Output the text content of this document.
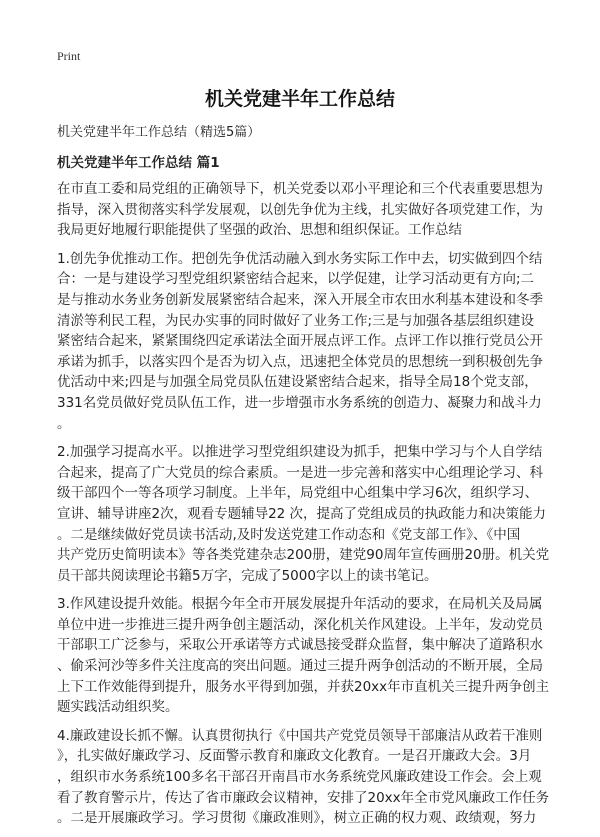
Print
机关党建半年工作总结
机关党建半年工作总结（精选5篇）
机关党建半年工作总结 篇1
在市直工委和局党组的正确领导下，机关党委以邓小平理论和三个代表重要思想为
指导，深入贯彻落实科学发展观，以创先争优为主线，扎实做好各项党建工作，为
我局更好地履行职能提供了坚强的政治、思想和组织保证。工作总结
1.创先争优推动工作。把创先争优活动融入到水务实际工作中去，切实做到四个结
合：一是与建设学习型党组织紧密结合起来，以学促建，让学习活动更有方向;二
是与推动水务业务创新发展紧密结合起来，深入开展全市农田水利基本建设和冬季
清淤等利民工程，为民办实事的同时做好了业务工作;三是与加强各基层组织建设
紧密结合起来，紧紧围绕四定承诺法全面开展点评工作。点评工作以推行党员公开
承诺为抓手，以落实四个是否为切入点，迅速把全体党员的思想统一到积极创先争
优活动中来;四是与加强全局党员队伍建设紧密结合起来，指导全局18个党支部，
331名党员做好党员队伍工作，进一步增强市水务系统的创造力、凝聚力和战斗力
。
2.加强学习提高水平。以推进学习型党组织建设为抓手，把集中学习与个人自学结
合起来，提高了广大党员的综合素质。一是进一步完善和落实中心组理论学习、科
级干部四个一等各项学习制度。上半年，局党组中心组集中学习6次，组织学习、
宣讲、辅导讲座2次，观看专题辅导22 次，提高了党组成员的执政能力和决策能力
。二是继续做好党员读书活动,及时发送党建工作动态和《党支部工作》、《中国
共产党历史简明读本》等各类党建杂志200册，建党90周年宣传画册20册。机关党
员干部共阅读理论书籍5万字，完成了5000字以上的读书笔记。
3.作风建设提升效能。根据今年全市开展发展提升年活动的要求，在局机关及局属
单位中进一步推进三提升两争创主题活动，深化机关作风建设。上半年，发动党员
干部职工广泛参与，采取公开承诺等方式诚恳接受群众监督，集中解决了道路积水
、偷采河沙等多件关注度高的突出问题。通过三提升两争创活动的不断开展，全局
上下工作效能得到提升，服务水平得到加强，并获20xx年市直机关三提升两争创主
题实践活动组织奖。
4.廉政建设长抓不懈。认真贯彻执行《中国共产党党员领导干部廉洁从政若干准则
》，扎实做好廉政学习、反面警示教育和廉政文化教育。一是召开廉政大会。3月
，组织市水务系统100多名干部召开南昌市水务系统党风廉政建设工作会。会上观
看了教育警示片，传达了省市廉政会议精神，安排了20xx年全市党风廉政工作任务
。二是开展廉政学习。学习贯彻《廉政准则》，树立正确的权力观、政绩观，努力
